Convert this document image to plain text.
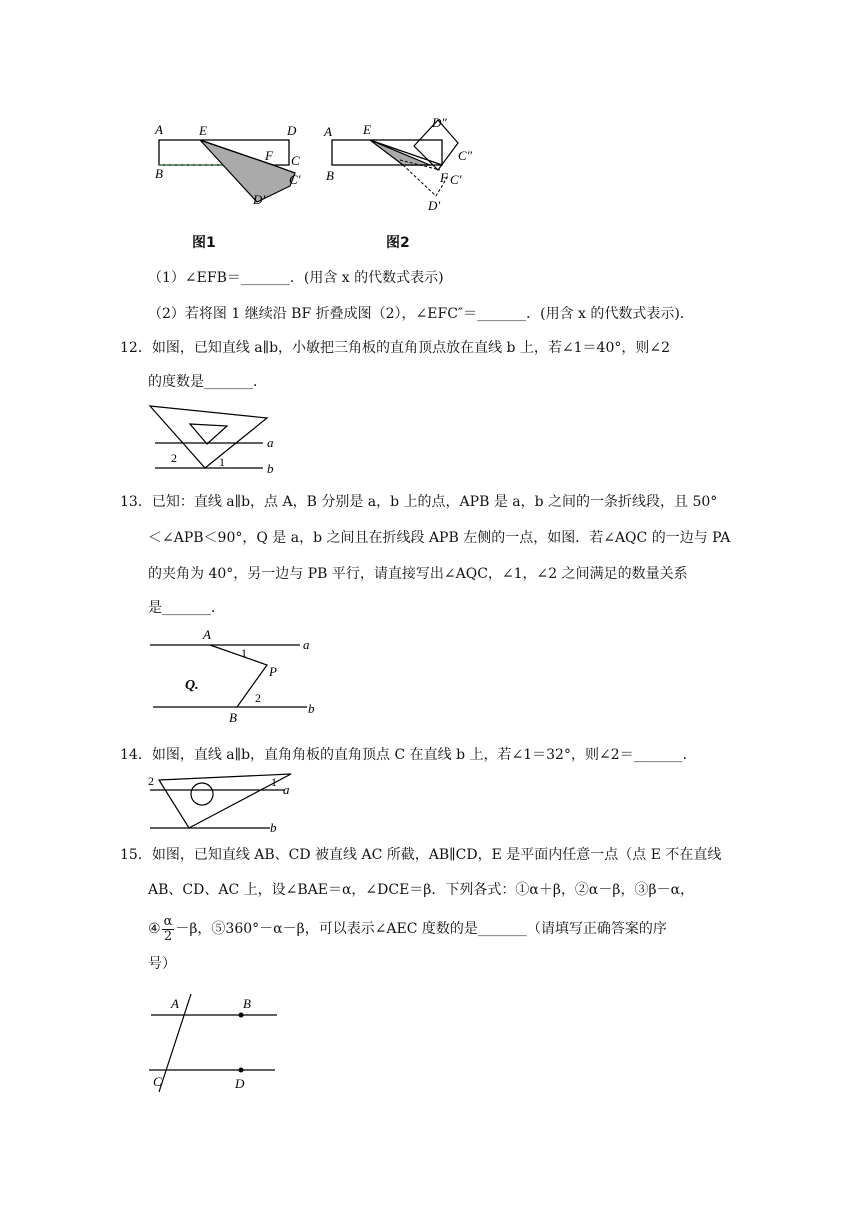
A	E	D
B
F C
C′
D′
图1
A E	D″
C″
B	F C′
D′
图2
（1）∠EFB＝_______．(用含 x 的代数式表示)
（2）若将图 1 继续沿 BF 折叠成图（2），∠EFC″＝_______．(用含 x 的代数式表示)．
12．如图，已知直线 a∥b，小敏把三角板的直角顶点放在直线 b 上，若∠1＝40°，则∠2
的度数是_______．
a
b
1
2
13．已知：直线 a∥b，点 A，B 分别是 a，b 上的点，APB 是 a，b 之间的一条折线段，且 50°
＜∠APB＜90°，Q 是 a，b 之间且在折线段 APB 左侧的一点，如图．若∠AQC 的一边与 PA
的夹角为 40°，另一边与 PB 平行，请直接写出∠AQC，∠1，∠2 之间满足的数量关系
是_______．
A
a
1
P
Q.
2
B
b
14．如图，直线 a∥b，直角角板的直角顶点 C 在直线 b 上，若∠1＝32°，则∠2＝_______．
2	1 a
b
15．如图，已知直线 AB、CD 被直线 AC 所截，AB∥CD，E 是平面内任意一点（点 E 不在直线
AB、CD、AC 上，设∠BAE＝α，∠DCE＝β．下列各式：①α＋β，②α－β，③β－α，
④ $\frac{\alpha}{2} -\beta$，⑤360°－α－β，可以表示∠AEC 度数的是_______（请填写正确答案的序
号）
A	B
C	D
